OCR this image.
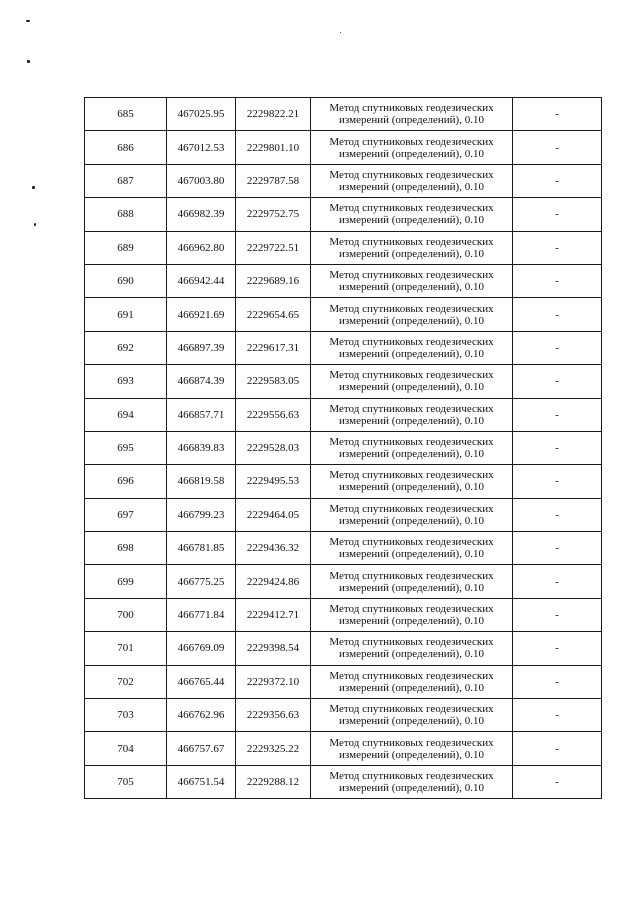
685	467025.95	2229822.21	Метод спутниковых геодезических
измерений (определений), 0.10	-
686	467012.53	2229801.10	Метод спутниковых геодезических
измерений (определений), 0.10	-
687	467003.80	2229787.58	Метод спутниковых геодезических
измерений (определений), 0.10	-
688	466982.39	2229752.75	Метод спутниковых геодезических
измерений (определений), 0.10	-
689	466962.80	2229722.51	Метод спутниковых геодезических
измерений (определений), 0.10	-
690	466942.44	2229689.16	Метод спутниковых геодезических
измерений (определений), 0.10	-
691	466921.69	2229654.65	Метод спутниковых геодезических
измерений (определений), 0.10	-
692	466897.39	2229617.31	Метод спутниковых геодезических
измерений (определений), 0.10	-
693	466874.39	2229583.05	Метод спутниковых геодезических
измерений (определений), 0.10	-
694	466857.71	2229556.63	Метод спутниковых геодезических
измерений (определений), 0.10	-
695	466839.83	2229528.03	Метод спутниковых геодезических
измерений (определений), 0.10	-
696	466819.58	2229495.53	Метод спутниковых геодезических
измерений (определений), 0.10	-
697	466799.23	2229464.05	Метод спутниковых геодезических
измерений (определений), 0.10	-
698	466781.85	2229436.32	Метод спутниковых геодезических
измерений (определений), 0.10	-
699	466775.25	2229424.86	Метод спутниковых геодезических
измерений (определений), 0.10	-
700	466771.84	2229412.71	Метод спутниковых геодезических
измерений (определений), 0.10	-
701	466769.09	2229398.54	Метод спутниковых геодезических
измерений (определений), 0.10	-
702	466765.44	2229372.10	Метод спутниковых геодезических
измерений (определений), 0.10	-
703	466762.96	2229356.63	Метод спутниковых геодезических
измерений (определений), 0.10	-
704	466757.67	2229325.22	Метод спутниковых геодезических
измерений (определений), 0.10	-
705	466751.54	2229288.12	Метод спутниковых геодезических
измерений (определений), 0.10	-
